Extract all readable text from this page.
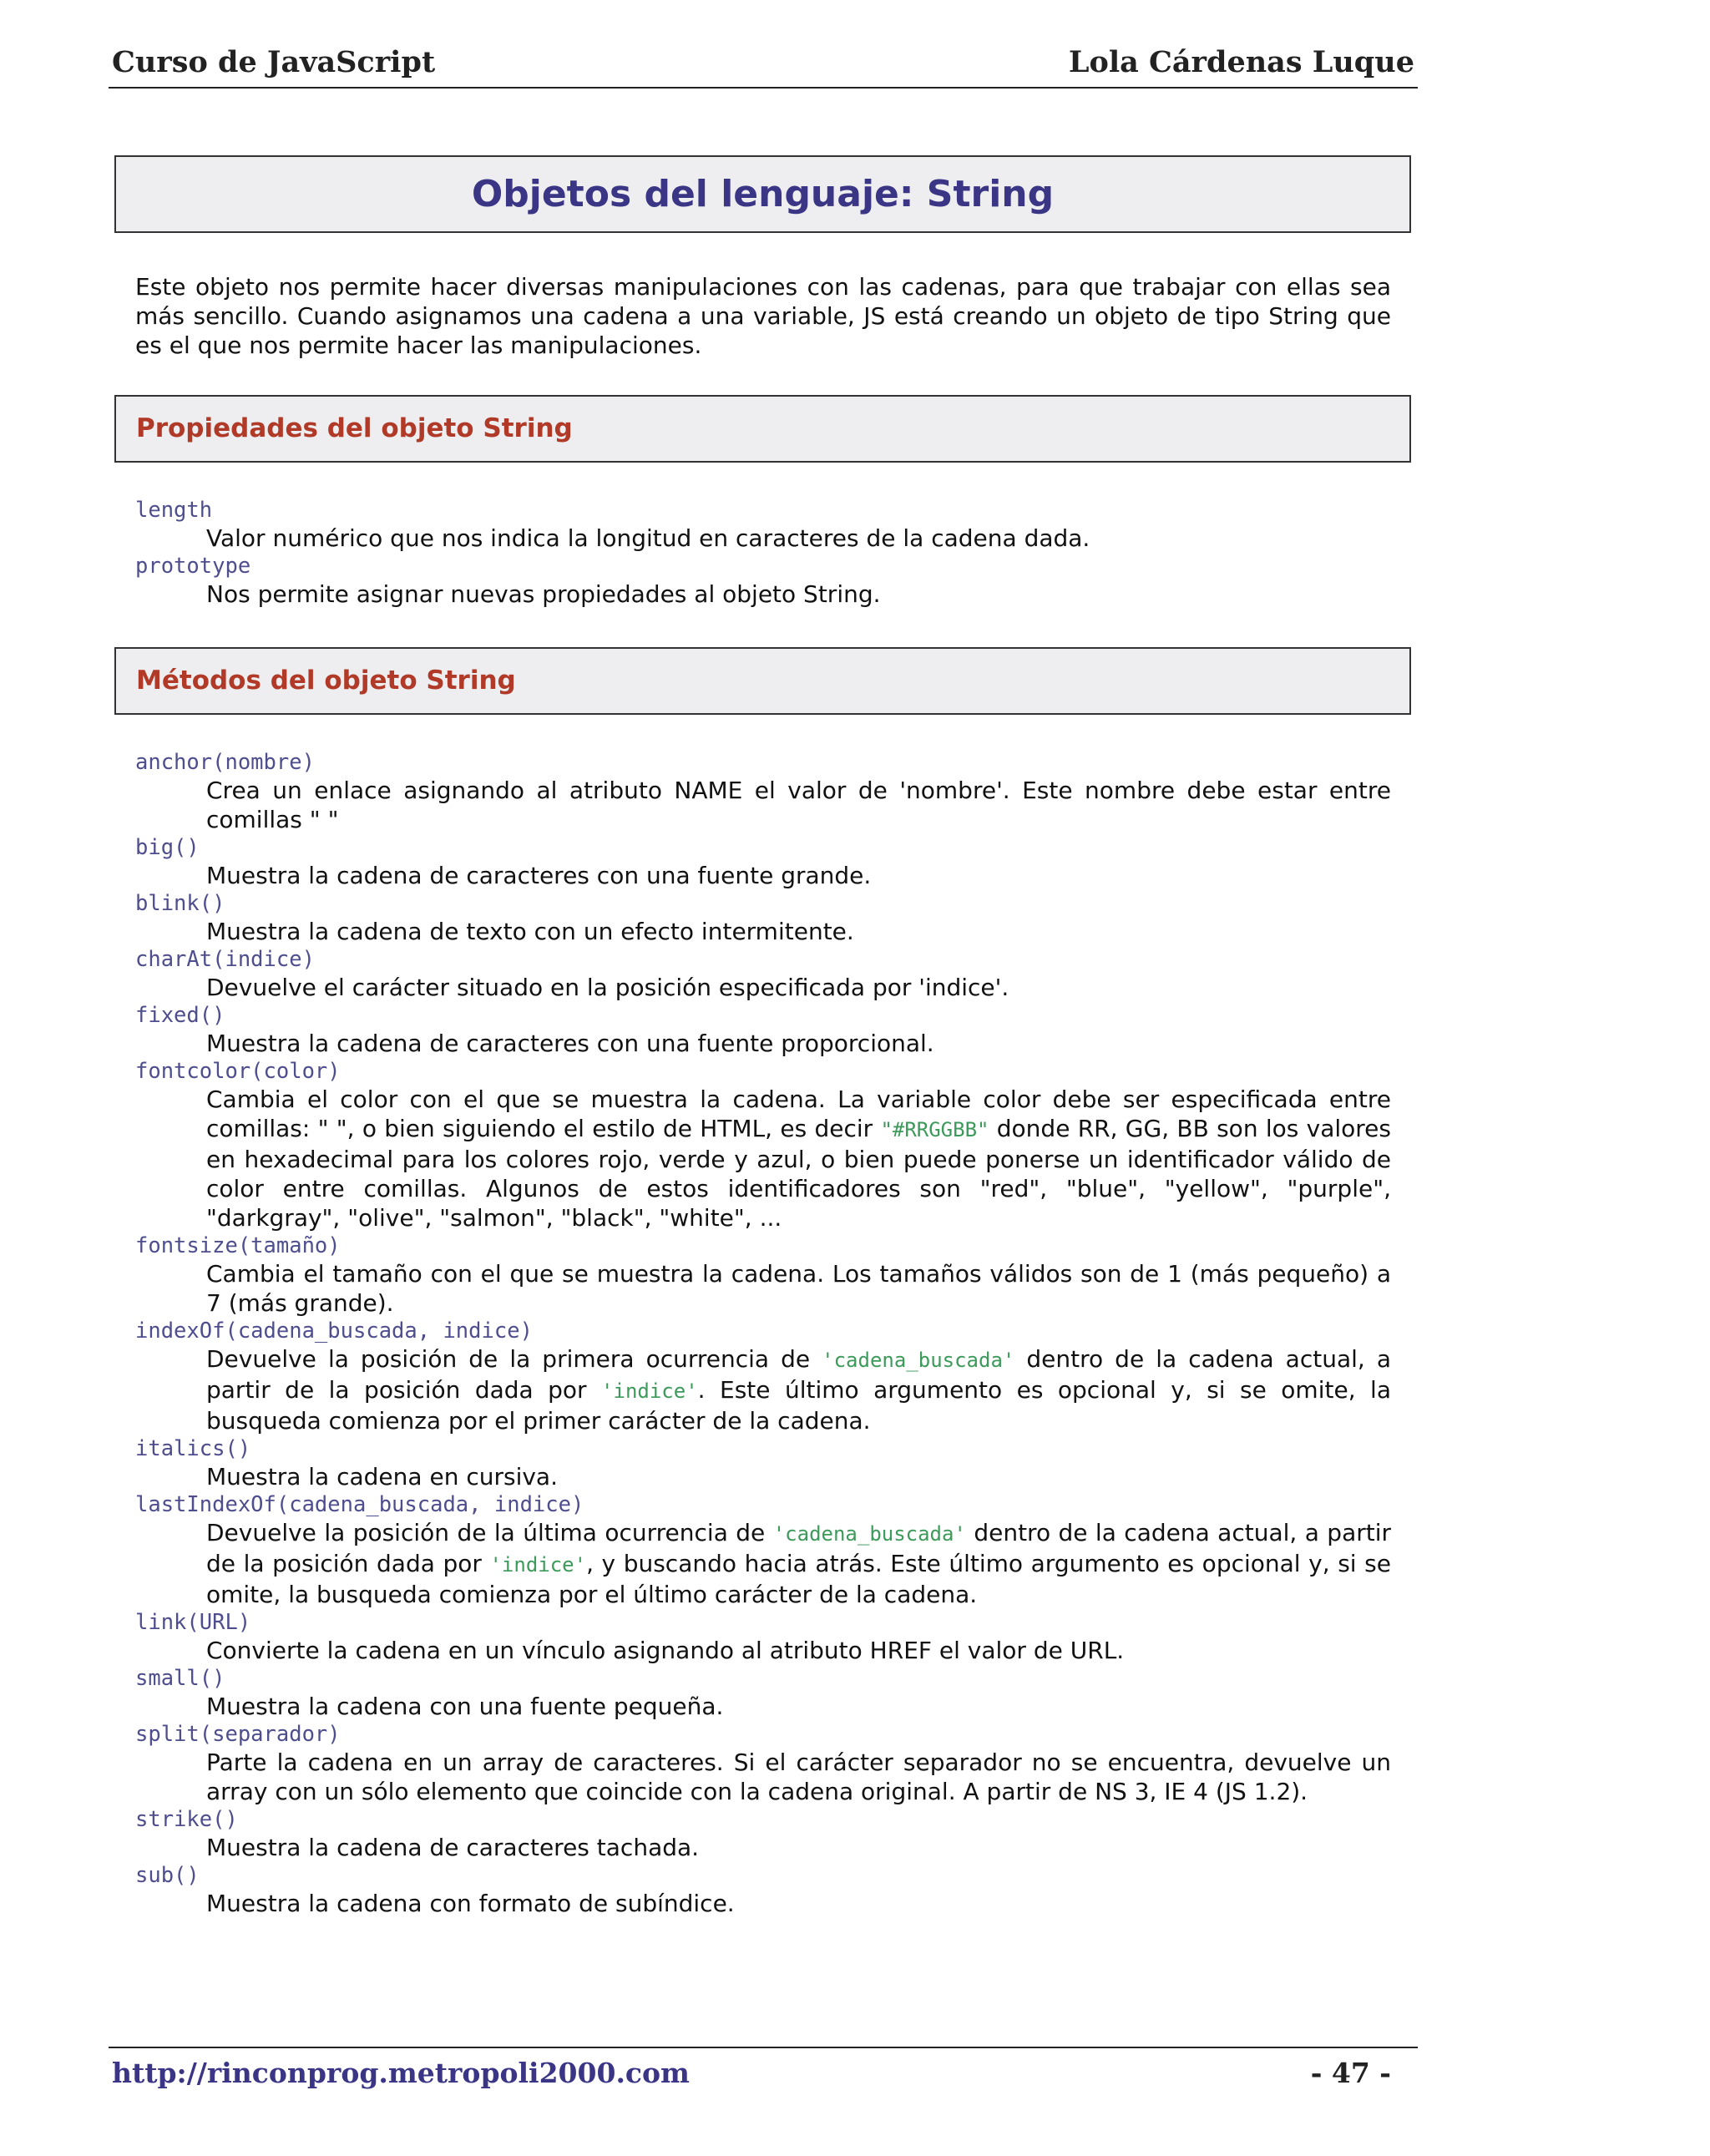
Curso de JavaScript	Lola Cárdenas Luque
Objetos del lenguaje: String
Este objeto nos permite hacer diversas manipulaciones con las cadenas, para que trabajar con ellas sea más sencillo. Cuando asignamos una cadena a una variable, JS está creando un objeto de tipo String que es el que nos permite hacer las manipulaciones.
Propiedades del objeto String
length
Valor numérico que nos indica la longitud en caracteres de la cadena dada.
prototype
Nos permite asignar nuevas propiedades al objeto String.
Métodos del objeto String
anchor(nombre)
Crea un enlace asignando al atributo NAME el valor de 'nombre'. Este nombre debe estar entre comillas " "
big()
Muestra la cadena de caracteres con una fuente grande.
blink()
Muestra la cadena de texto con un efecto intermitente.
charAt(indice)
Devuelve el carácter situado en la posición especificada por 'indice'.
fixed()
Muestra la cadena de caracteres con una fuente proporcional.
fontcolor(color)
Cambia el color con el que se muestra la cadena. La variable color debe ser especificada entre comillas: " ", o bien siguiendo el estilo de HTML, es decir "#RRGGBB" donde RR, GG, BB son los valores en hexadecimal para los colores rojo, verde y azul, o bien puede ponerse un identificador válido de color entre comillas. Algunos de estos identificadores son "red", "blue", "yellow", "purple", "darkgray", "olive", "salmon", "black", "white", ...
fontsize(tamaño)
Cambia el tamaño con el que se muestra la cadena. Los tamaños válidos son de 1 (más pequeño) a 7 (más grande).
indexOf(cadena_buscada, indice)
Devuelve la posición de la primera ocurrencia de 'cadena_buscada' dentro de la cadena actual, a partir de la posición dada por 'indice'. Este último argumento es opcional y, si se omite, la busqueda comienza por el primer carácter de la cadena.
italics()
Muestra la cadena en cursiva.
lastIndexOf(cadena_buscada, indice)
Devuelve la posición de la última ocurrencia de 'cadena_buscada' dentro de la cadena actual, a partir de la posición dada por 'indice', y buscando hacia atrás. Este último argumento es opcional y, si se omite, la busqueda comienza por el último carácter de la cadena.
link(URL)
Convierte la cadena en un vínculo asignando al atributo HREF el valor de URL.
small()
Muestra la cadena con una fuente pequeña.
split(separador)
Parte la cadena en un array de caracteres. Si el carácter separador no se encuentra, devuelve un array con un sólo elemento que coincide con la cadena original. A partir de NS 3, IE 4 (JS 1.2).
strike()
Muestra la cadena de caracteres tachada.
sub()
Muestra la cadena con formato de subíndice.
http://rinconprog.metropoli2000.com	- 47 -
